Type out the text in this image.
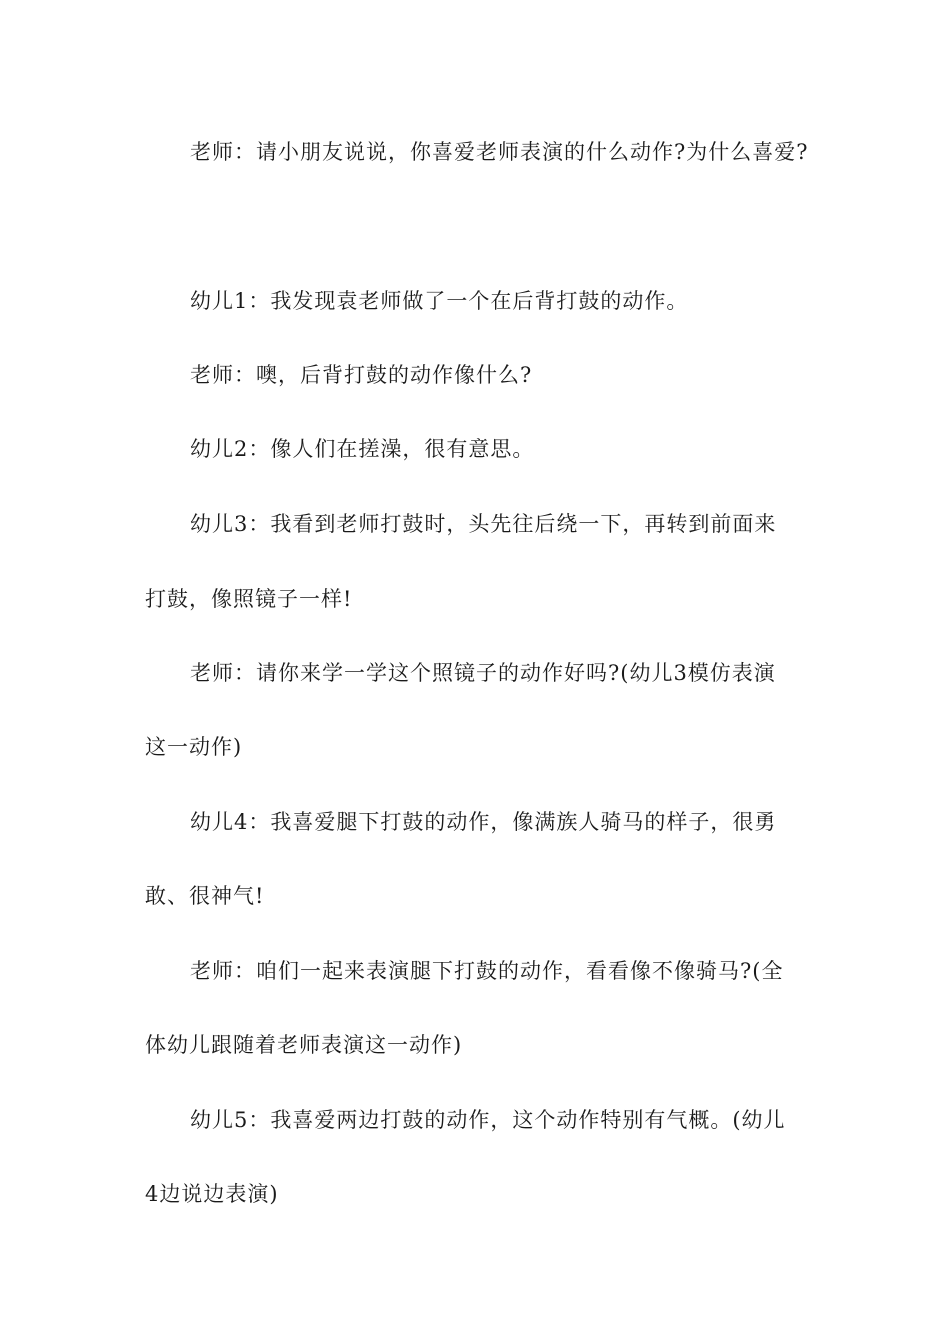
老师：请小朋友说说，你喜爱老师表演的什么动作?为什么喜爱?
幼儿1：我发现袁老师做了一个在后背打鼓的动作。
老师：噢，后背打鼓的动作像什么?
幼儿2：像人们在搓澡，很有意思。
幼儿3：我看到老师打鼓时，头先往后绕一下，再转到前面来
打鼓，像照镜子一样!
老师：请你来学一学这个照镜子的动作好吗?(幼儿3模仿表演
这一动作)
幼儿4：我喜爱腿下打鼓的动作，像满族人骑马的样子，很勇
敢、很神气!
老师：咱们一起来表演腿下打鼓的动作，看看像不像骑马?(全
体幼儿跟随着老师表演这一动作)
幼儿5：我喜爱两边打鼓的动作，这个动作特别有气概。(幼儿
4边说边表演)
